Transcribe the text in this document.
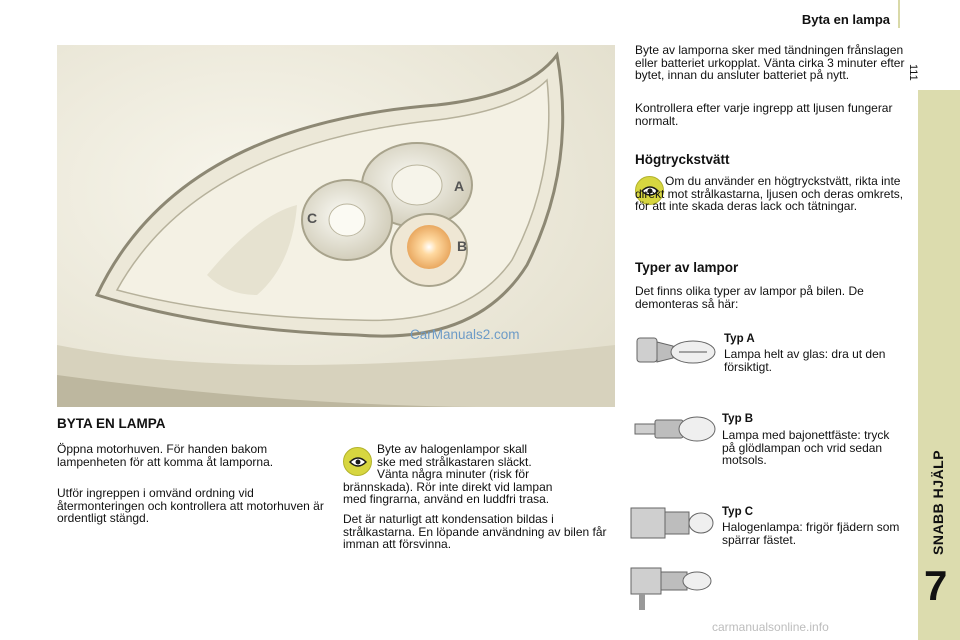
Byta en lampa
111
SNABB HJÄLP
7
A
B
C
CarManuals2.com
BYTA EN LAMPA

Öppna motorhuven. För handen bakom lampenheten för att komma åt lamporna.

Utför ingreppen i omvänd ordning vid återmonteringen och kontrollera att motorhuven är ordentligt stängd.

Byte av halogenlampor skall
ske med strålkastaren släckt.
Vänta några minuter (risk för
brännskada). Rör inte direkt vid lampan
med fingrarna, använd en luddfri trasa.

Det är naturligt att kondensation bildas i strålkastarna. En löpande användning av bilen får imman att försvinna.

Byte av lamporna sker med tändningen frånslagen eller batteriet urkopplat. Vänta cirka 3 minuter efter bytet, innan du ansluter batteriet på nytt.

Kontrollera efter varje ingrepp att ljusen fungerar normalt.

Högtryckstvätt

Om du använder en högtryckstvätt, rikta inte direkt mot strålkastarna, ljusen och deras omkrets, för att inte skada deras lack och tätningar.

Typer av lampor

Det finns olika typer av lampor på bilen. De demonteras så här:

Typ A

Lampa helt av glas: dra ut den försiktigt.

Typ B

Lampa med bajonettfäste: tryck på glödlampan och vrid sedan motsols.

Typ C

Halogenlampa: frigör fjädern som spärrar fästet.

carmanualsonline.info
